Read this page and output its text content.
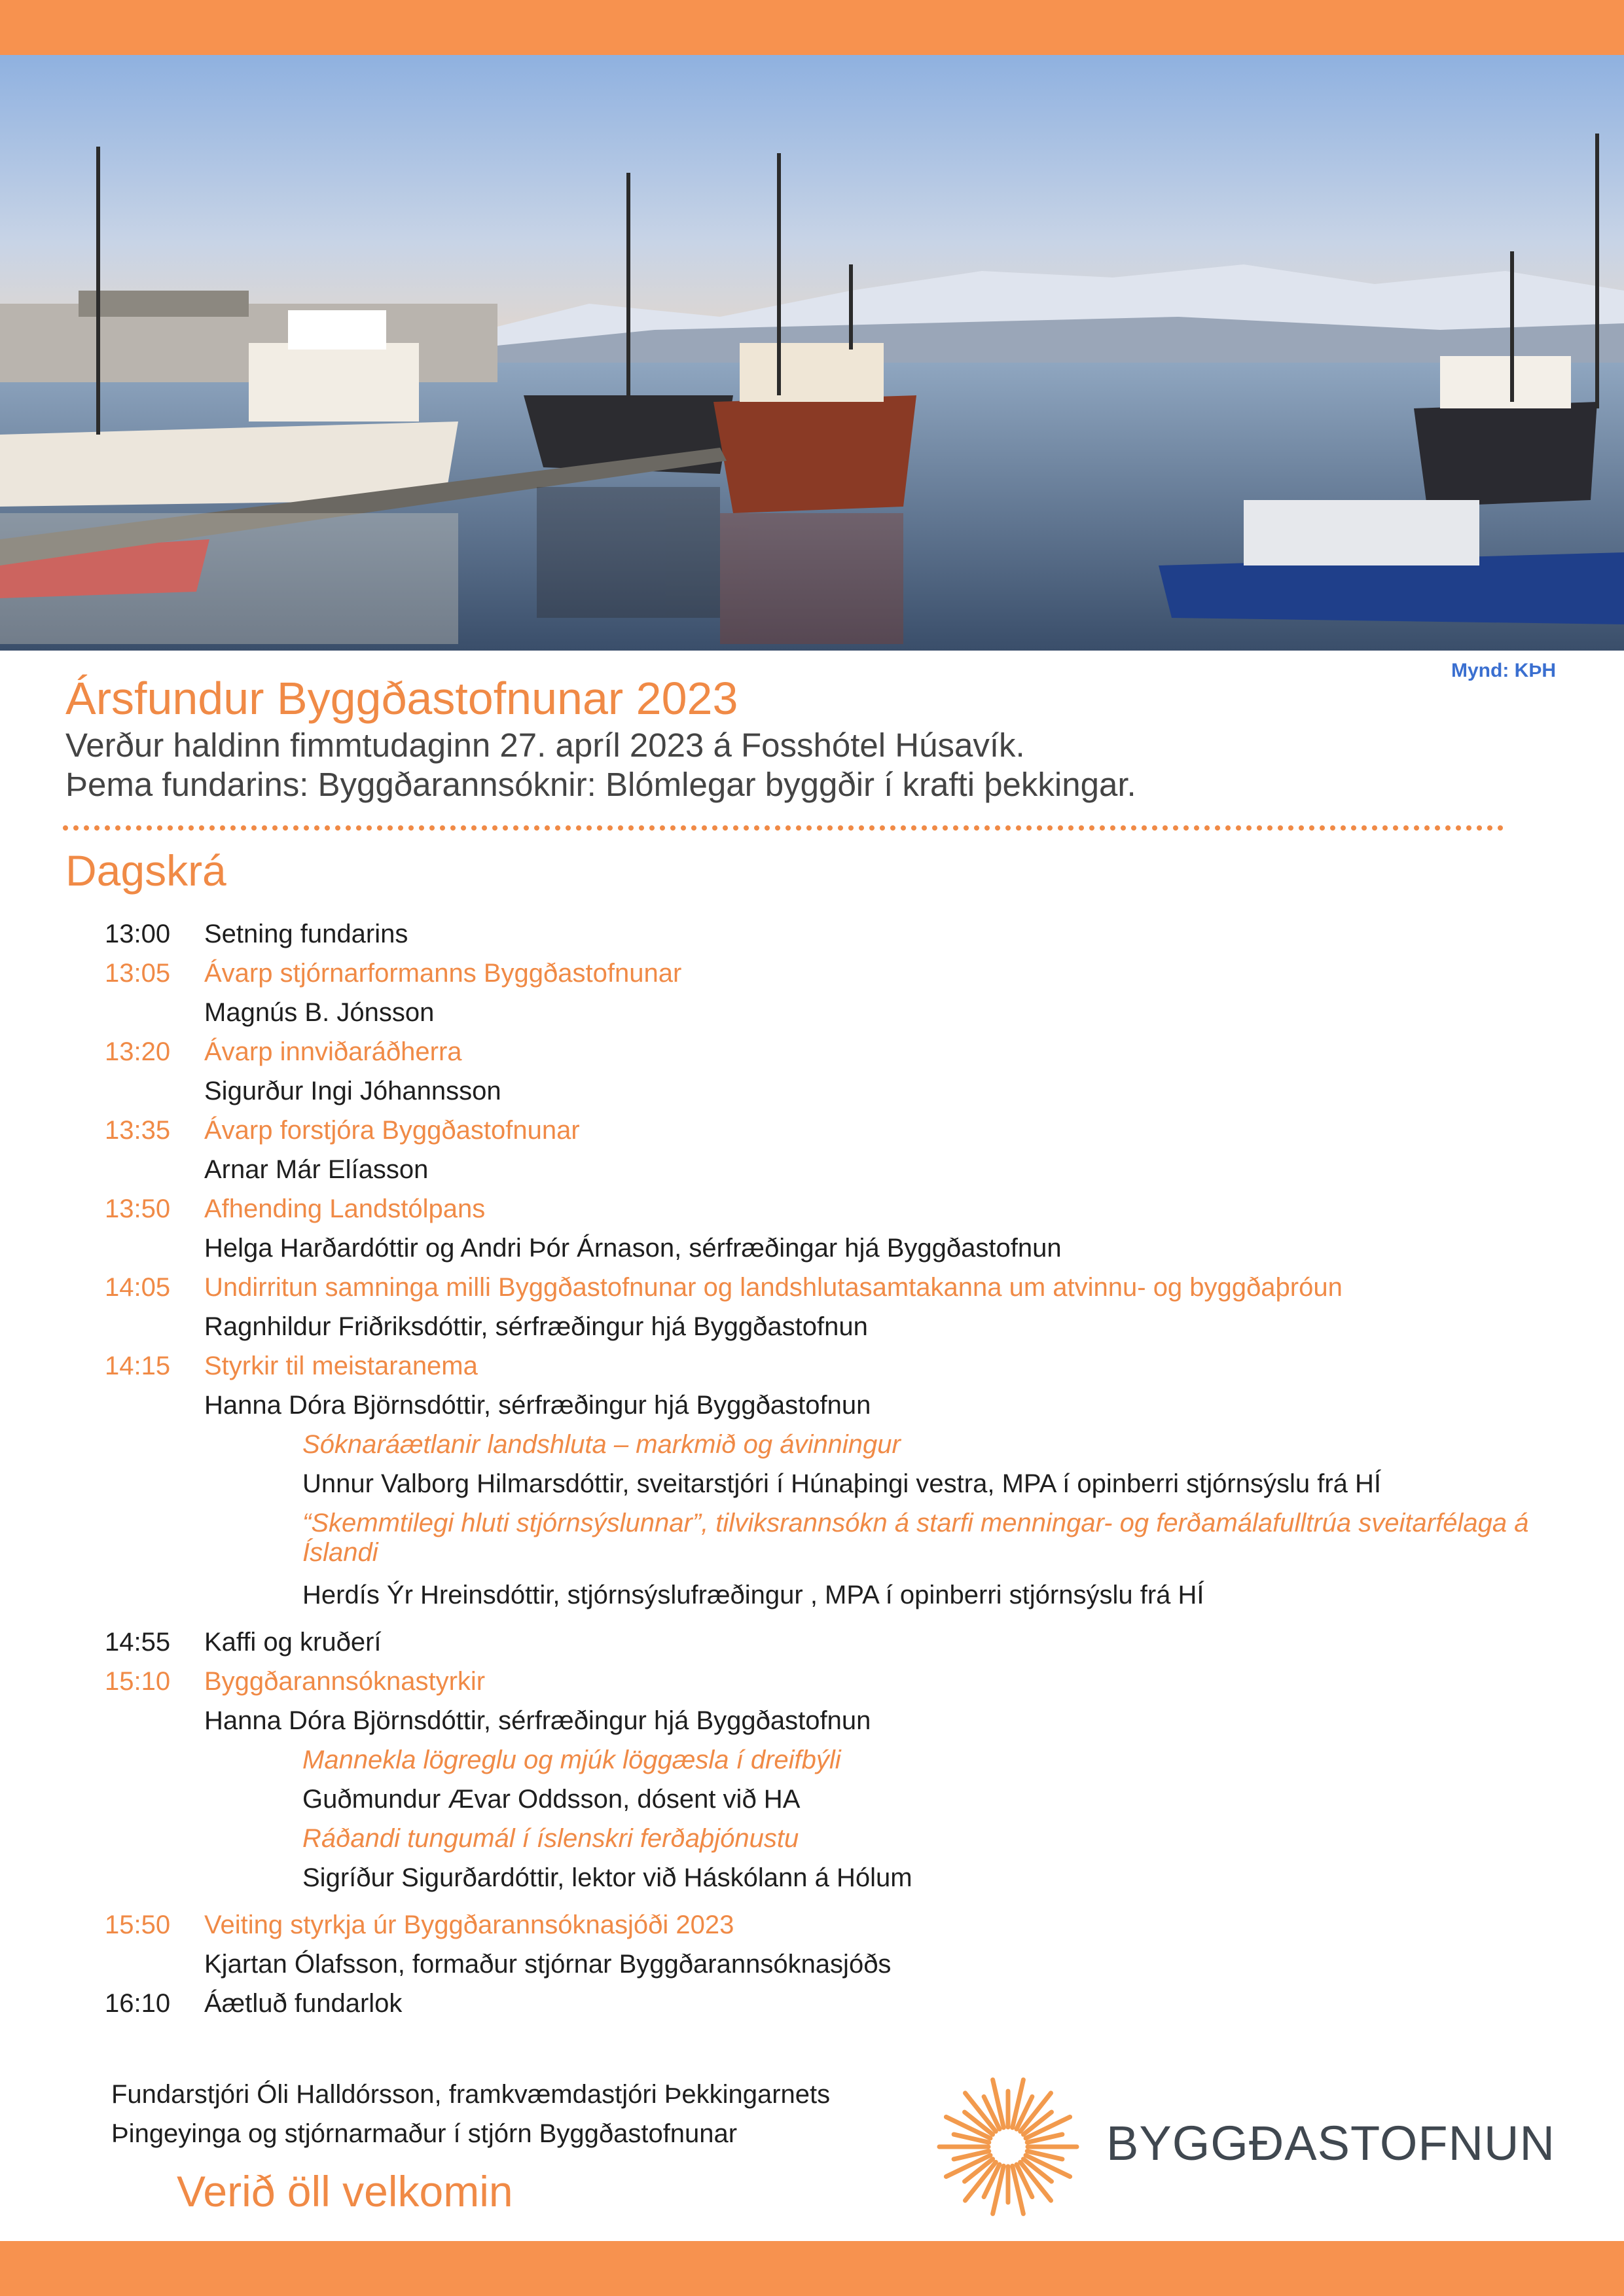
Mynd: KÞH
Ársfundur Byggðastofnunar 2023
Verður haldinn fimmtudaginn 27. apríl 2023 á Fosshótel Húsavík.
Þema fundarins: Byggðarannsóknir: Blómlegar byggðir í krafti þekkingar.
Dagskrá
13:00	Setning fundarins
13:05	Ávarp stjórnarformanns Byggðastofnunar
Magnús B. Jónsson
13:20	Ávarp innviðaráðherra
Sigurður Ingi Jóhannsson
13:35	Ávarp forstjóra Byggðastofnunar
Arnar Már Elíasson
13:50	Afhending Landstólpans
Helga Harðardóttir og Andri Þór Árnason, sérfræðingar hjá Byggðastofnun
14:05	Undirritun samninga milli Byggðastofnunar og landshlutasamtakanna um atvinnu- og byggðaþróun
Ragnhildur Friðriksdóttir, sérfræðingur hjá Byggðastofnun
14:15	Styrkir til meistaranema
Hanna Dóra Björnsdóttir, sérfræðingur hjá Byggðastofnun
Sóknaráætlanir landshluta – markmið og ávinningur
Unnur Valborg Hilmarsdóttir, sveitarstjóri í Húnaþingi vestra, MPA í opinberri stjórnsýslu frá HÍ
“Skemmtilegi hluti stjórnsýslunnar”, tilviksrannsókn á starfi menningar- og ferðamálafulltrúa sveitarfélaga á Íslandi
Herdís Ýr Hreinsdóttir, stjórnsýslufræðingur , MPA í opinberri stjórnsýslu frá HÍ
14:55	Kaffi og kruðerí
15:10	Byggðarannsóknastyrkir
Hanna Dóra Björnsdóttir, sérfræðingur hjá Byggðastofnun
Mannekla lögreglu og mjúk löggæsla í dreifbýli
Guðmundur Ævar Oddsson, dósent við HA
Ráðandi tungumál í íslenskri ferðaþjónustu
Sigríður Sigurðardóttir, lektor við Háskólann á Hólum
15:50	Veiting styrkja úr Byggðarannsóknasjóði 2023
Kjartan Ólafsson, formaður stjórnar Byggðarannsóknasjóðs
16:10	Áætluð fundarlok
Fundarstjóri Óli Halldórsson, framkvæmdastjóri Þekkingarnets
Þingeyinga og stjórnarmaður í stjórn Byggðastofnunar
Verið öll velkomin
BYGGÐASTOFNUN
